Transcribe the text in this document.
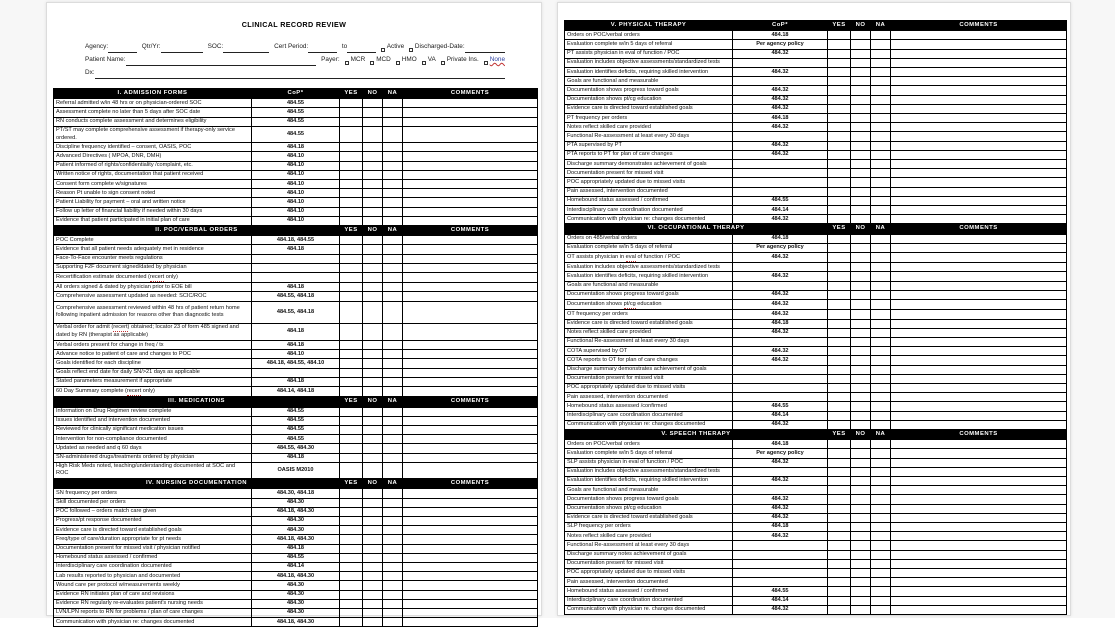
CLINICAL RECORD REVIEW
Agency:	Qtr/Yr:	SOC:	Cert Period:	to	Active Discharged-Date:
Patient Name:	Payer: MCR MCD HMO VA Private Ins. None
Dx:
I. ADMISSION FORMS	CoP*	YES	NO	NA	COMMENTS
Referral admitted w/in 48 hrs or on physician-ordered SOC	484.55				
Assessment complete no later than 5 days after SOC date	484.55				
RN conducts complete assessment and determines eligibility	484.55				
PT/ST may complete comprehensive assessment if therapy-only service ordered.	484.55				
Discipline frequency identified – consent, OASIS, POC	484.18				
Advanced Directives ( MPOA, DNR, DMH)	484.10				
Patient informed of rights/confidentiality /complaint, etc.	484.10				
Written notice of rights, documentation that patient received	484.10				
Consent form complete w/signatures	484.10				
Reason Pt unable to sign consent noted	484.10				
Patient Liability for payment – oral and written notice	484.10				
Follow up letter of financial liability if needed within 30 days	484.10				
Evidence that patient participated in initial plan of care	484.10				
II. POC/VERBAL ORDERS		YES	NO	NA	COMMENTS
POC Complete	484.18, 484.55				
Evidence that all patient needs adequately met in residence	484.18				
Face-To-Face encounter meets regulations					
Supporting F2F document signed/dated by physician					
Recertification estimate documented (recert only)					
All orders signed & dated by physician prior to EOE bill	484.18				
Comprehensive assessment updated as needed: SCIC/ROC	484.55, 484.18				
Comprehensive assessment reviewed within 48 hrs of patient return home following inpatient admission for reasons other than diagnostic tests	484.55, 484.18				
Verbal order for admit (recert) obtained; locator 23 of form 485 signed and dated by RN (therapist as applicable)	484.18				
Verbal orders present for change in freq / tx	484.18				
Advance notice to patient of care and changes to POC	484.10				
Goals identified for each discipline	484.18, 484.55, 484.10				
Goals reflect end date for daily SN/>21 days as applicable					
Stated parameters measurement if appropriate	484.18				
60 Day Summary complete (recert only)	484.14, 484.18				
III. MEDICATIONS		YES	NO	NA	COMMENTS
Information on Drug Regimen review complete	484.55				
Issues identified and intervention documented	484.55				
Reviewed for clinically significant medication issues	484.55				
Intervention for non-compliance documented	484.55				
Updated as needed and q 60 days	484.55, 484.30				
SN-administered drugs/treatments ordered by physician	484.18				
High Risk Meds noted, teaching/understanding documented at SOC and ROC	OASIS M2010				
IV. NURSING DOCUMENTATION		YES	NO	NA	COMMENTS
SN frequency per orders	484.30, 484.18				
Skill documented per orders	484.30				
POC followed – orders match care given	484.18, 484.30				
Progress/pt response documented	484.30				
Evidence care is directed toward established goals	484.30				
Freq/type of care/duration appropriate for pt needs	484.18, 484.30				
Documentation present for missed visit / physician notified	484.18				
Homebound status assessed / confirmed	484.55				
Interdisciplinary care coordination documented	484.14				
Lab results reported to physician and documented	484.18, 484.30				
Wound care per protocol w/measurements weekly	484.30				
Evidence RN initiates plan of care and revisions	484.30				
Evidence RN regularly re-evaluates patient's nursing needs	484.30				
LVN/LPN reports to RN for problems / plan of care changes	484.30				
Communication with physician re: changes documented	484.18, 484.30				
V. PHYSICAL THERAPY	CoP*	YES	NO	NA	COMMENTS
Orders on POC/verbal orders	484.18				
Evaluation complete w/in 5 days of referral	Per agency policy				
PT assists physician in eval of function / POC	484.32				
Evaluation includes objective assessments/standardized tests					
Evaluation identifies deficits, requiring skilled intervention	484.32				
Goals are functional and measurable					
Documentation shows progress toward goals	484.32				
Documentation shows pt/cg education	484.32				
Evidence care is directed toward established goals	484.32				
PT frequency per orders	484.18				
Notes reflect skilled care provided	484.32				
Functional Re-assessment at least every 30 days					
PTA supervised by PT	484.32				
PTA reports to PT for plan of care changes	484.32				
Discharge summary demonstrates achievement of goals					
Documentation present for missed visit					
POC appropriately updated due to missed visits					
Pain assessed, intervention documented					
Homebound status assessed / confirmed	484.55				
Interdisciplinary care coordination documented	484.14				
Communication with physician re: changes documented	484.32				
VI. OCCUPATIONAL THERAPY		YES	NO	NA	COMMENTS
Orders on 485/verbal orders	484.18				
Evaluation complete w/in 5 days of referral	Per agency policy				
OT assists physician in eval of function / POC	484.32				
Evaluation includes objective assessments/standardized tests					
Evaluation identifies deficits, requiring skilled intervention	484.32				
Goals are functional and measurable					
Documentation shows progress toward goals	484.32				
Documentation shows pt/cg education	484.32				
OT frequency per orders	484.32				
Evidence care is directed toward established goals	484.18				
Notes reflect skilled care provided	484.32				
Functional Re-assessment at least every 30 days					
COTA supervised by OT	484.32				
COTA reports to OT for plan of care changes	484.32				
Discharge summary demonstrates achievement of goals					
Documentation present for missed visit					
POC appropriately updated due to missed visits					
Pain assessed, intervention documented					
Homebound status assessed /confirmed	484.55				
Interdisciplinary care coordination documented	484.14				
Communication with physician re: changes documented	484.32				
V. SPEECH THERAPY		YES	NO	NA	COMMENTS
Orders on POC/verbal orders	484.18				
Evaluation complete w/in 5 days of referral	Per agency policy				
SLP assists physician in eval of function / POC	484.32				
Evaluation includes objective assessments/standardized tests					
Evaluation identifies deficits, requiring skilled intervention	484.32				
Goals are functional and measurable					
Documentation shows progress toward goals	484.32				
Documentation shows pt/cg education	484.32				
Evidence care is directed toward established goals	484.32				
SLP frequency per orders	484.18				
Notes reflect skilled care provided	484.32				
Functional Re-assessment at least every 30 days					
Discharge summary notes achievement of goals					
Documentation present for missed visit					
POC appropriately updated due to missed visits					
Pain assessed, intervention documented					
Homebound status assessed / confirmed	484.55				
Interdisciplinary care coordination documented	484.14				
Communication with physician re. changes documented	484.32				
